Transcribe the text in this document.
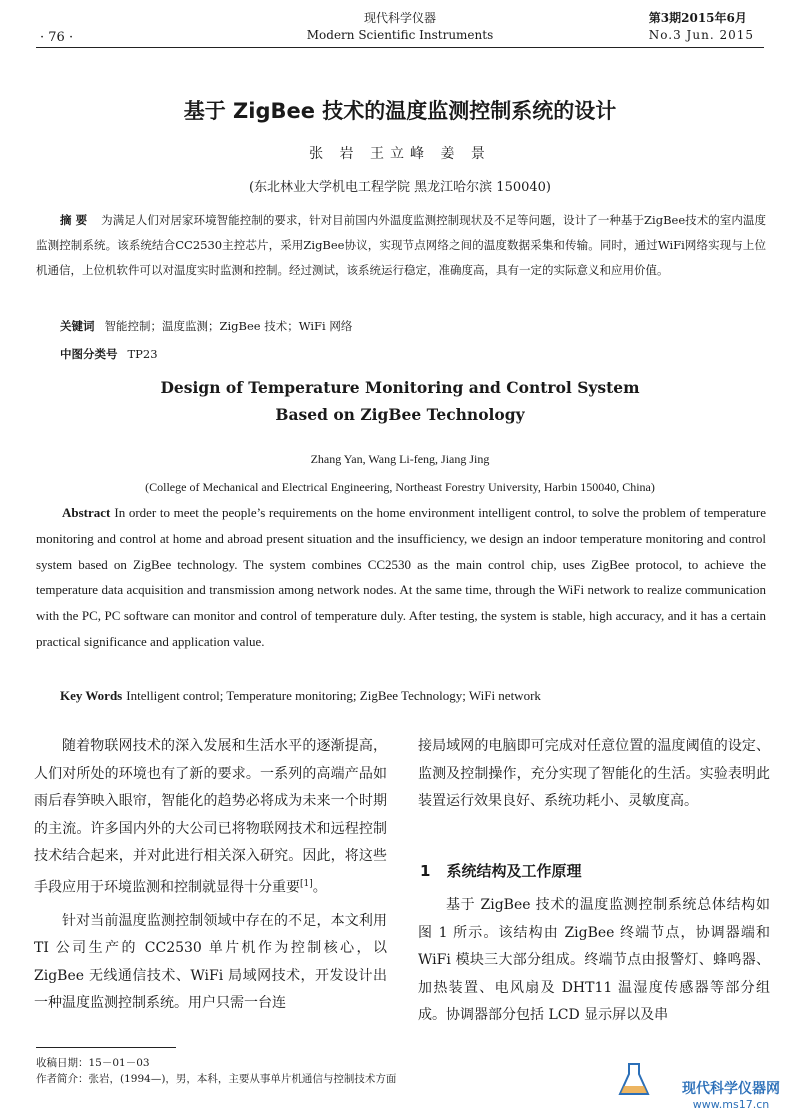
· 76 ·
现代科学仪器
Modern Scientific Instruments
第3期2015年6月
No.3 Jun. 2015
基于 ZigBee 技术的温度监测控制系统的设计
张 岩 王立峰 姜 景
(东北林业大学机电工程学院 黑龙江哈尔滨 150040)
摘 要 为满足人们对居家环境智能控制的要求，针对目前国内外温度监测控制现状及不足等问题，设计了一种基于ZigBee技术的室内温度监测控制系统。该系统结合CC2530主控芯片，采用ZigBee协议，实现节点网络之间的温度数据采集和传输。同时，通过WiFi网络实现与上位机通信，上位机软件可以对温度实时监测和控制。经过测试，该系统运行稳定，准确度高，具有一定的实际意义和应用价值。
关键词 智能控制；温度监测；ZigBee 技术；WiFi 网络
中图分类号 TP23
Design of Temperature Monitoring and Control System
Based on ZigBee Technology
Zhang Yan, Wang Li-feng, Jiang Jing
(College of Mechanical and Electrical Engineering, Northeast Forestry University, Harbin 150040, China)
Abstract In order to meet the people’s requirements on the home environment intelligent control, to solve the problem of temperature monitoring and control at home and abroad present situation and the insufficiency, we design an indoor temperature monitoring and control system based on ZigBee technology. The system combines CC2530 as the main control chip, uses ZigBee protocol, to achieve the temperature data acquisition and transmission among network nodes. At the same time, through the WiFi network to realize communication with the PC, PC software can monitor and control of temperature duly. After testing, the system is stable, high accuracy, and it has a certain practical significance and application value.
Key Words Intelligent control; Temperature monitoring; ZigBee Technology; WiFi network

随着物联网技术的深入发展和生活水平的逐渐提高，人们对所处的环境也有了新的要求。一系列的高端产品如雨后春笋映入眼帘，智能化的趋势必将成为未来一个时期的主流。许多国内外的大公司已将物联网技术和远程控制技术结合起来，并对此进行相关深入研究。因此，将这些手段应用于环境监测和控制就显得十分重要[1]。

针对当前温度监测控制领域中存在的不足，本文利用 TI 公司生产的 CC2530 单片机作为控制核心，以 ZigBee 无线通信技术、WiFi 局域网技术，开发设计出一种温度监测控制系统。用户只需一台连

接局域网的电脑即可完成对任意位置的温度阈值的设定、监测及控制操作，充分实现了智能化的生活。实验表明此装置运行效果良好、系统功耗小、灵敏度高。

1 系统结构及工作原理

基于 ZigBee 技术的温度监测控制系统总体结构如图 1 所示。该结构由 ZigBee 终端节点，协调器端和 WiFi 模块三大部分组成。终端节点由报警灯、蜂鸣器、加热装置、电风扇及 DHT11 温湿度传感器等部分组成。协调器部分包括 LCD 显示屏以及串

收稿日期：15－01－03
作者简介：张岩，(1994—)，男，本科，主要从事单片机通信与控制技术方面
现代科学仪器网
www.ms17.cn
